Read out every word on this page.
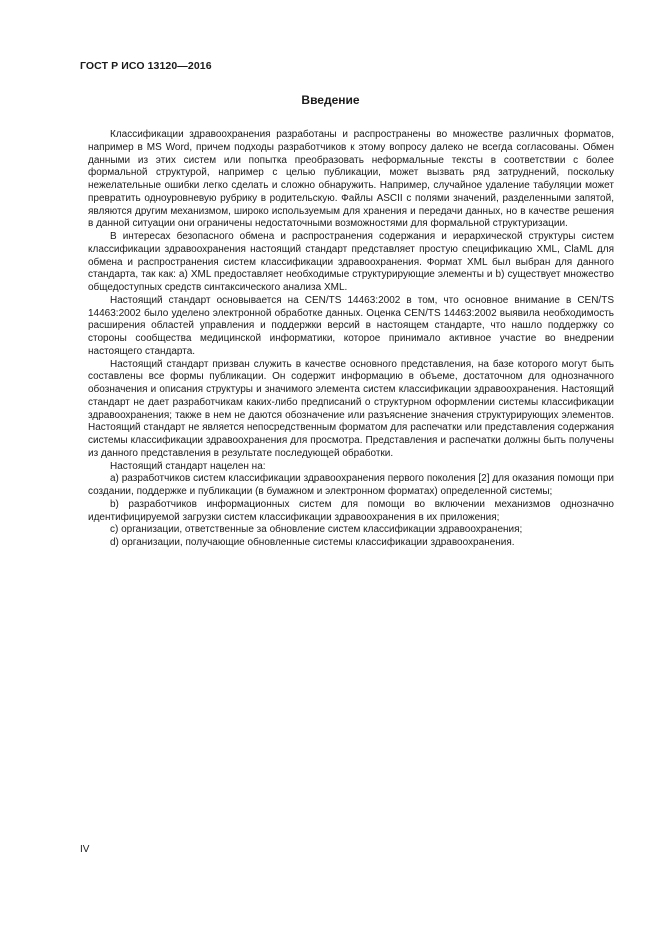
ГОСТ Р ИСО 13120—2016
Введение

Классификации здравоохранения разработаны и распространены во множестве различных форматов, например в MS Word, причем подходы разработчиков к этому вопросу далеко не всегда согласованы. Обмен данными из этих систем или попытка преобразовать неформальные тексты в соответствии с более формальной структурой, например с целью публикации, может вызвать ряд затруднений, поскольку нежелательные ошибки легко сделать и сложно обнаружить. Например, случайное удаление табуляции может превратить одноуровневую рубрику в родительскую. Файлы ASCII с полями значений, разделенными запятой, являются другим механизмом, широко используемым для хранения и передачи данных, но в качестве решения в данной ситуации они ограничены недостаточными возможностями для формальной структуризации.

В интересах безопасного обмена и распространения содержания и иерархической структуры систем классификации здравоохранения настоящий стандарт представляет простую спецификацию XML, ClaML для обмена и распространения систем классификации здравоохранения. Формат XML был выбран для данного стандарта, так как: а) XML предоставляет необходимые структурирующие элементы и b) существует множество общедоступных средств синтаксического анализа XML.

Настоящий стандарт основывается на CEN/TS 14463:2002 в том, что основное внимание в CEN/TS 14463:2002 было уделено электронной обработке данных. Оценка CEN/TS 14463:2002 выявила необходимость расширения областей управления и поддержки версий в настоящем стандарте, что нашло поддержку со стороны сообщества медицинской информатики, которое принимало активное участие во внедрении настоящего стандарта.

Настоящий стандарт призван служить в качестве основного представления, на базе которого могут быть составлены все формы публикации. Он содержит информацию в объеме, достаточном для однозначного обозначения и описания структуры и значимого элемента систем классификации здравоохранения. Настоящий стандарт не дает разработчикам каких-либо предписаний о структурном оформлении системы классификации здравоохранения; также в нем не даются обозначение или разъяснение значения структурирующих элементов. Настоящий стандарт не является непосредственным форматом для распечатки или представления содержания системы классификации здравоохранения для просмотра. Представления и распечатки должны быть получены из данного представления в результате последующей обработки.

Настоящий стандарт нацелен на:

a) разработчиков систем классификации здравоохранения первого поколения [2] для оказания помощи при создании, поддержке и публикации (в бумажном и электронном форматах) определенной системы;

b) разработчиков информационных систем для помощи во включении механизмов однозначно идентифицируемой загрузки систем классификации здравоохранения в их приложения;

c) организации, ответственные за обновление систем классификации здравоохранения;

d) организации, получающие обновленные системы классификации здравоохранения.

IV
